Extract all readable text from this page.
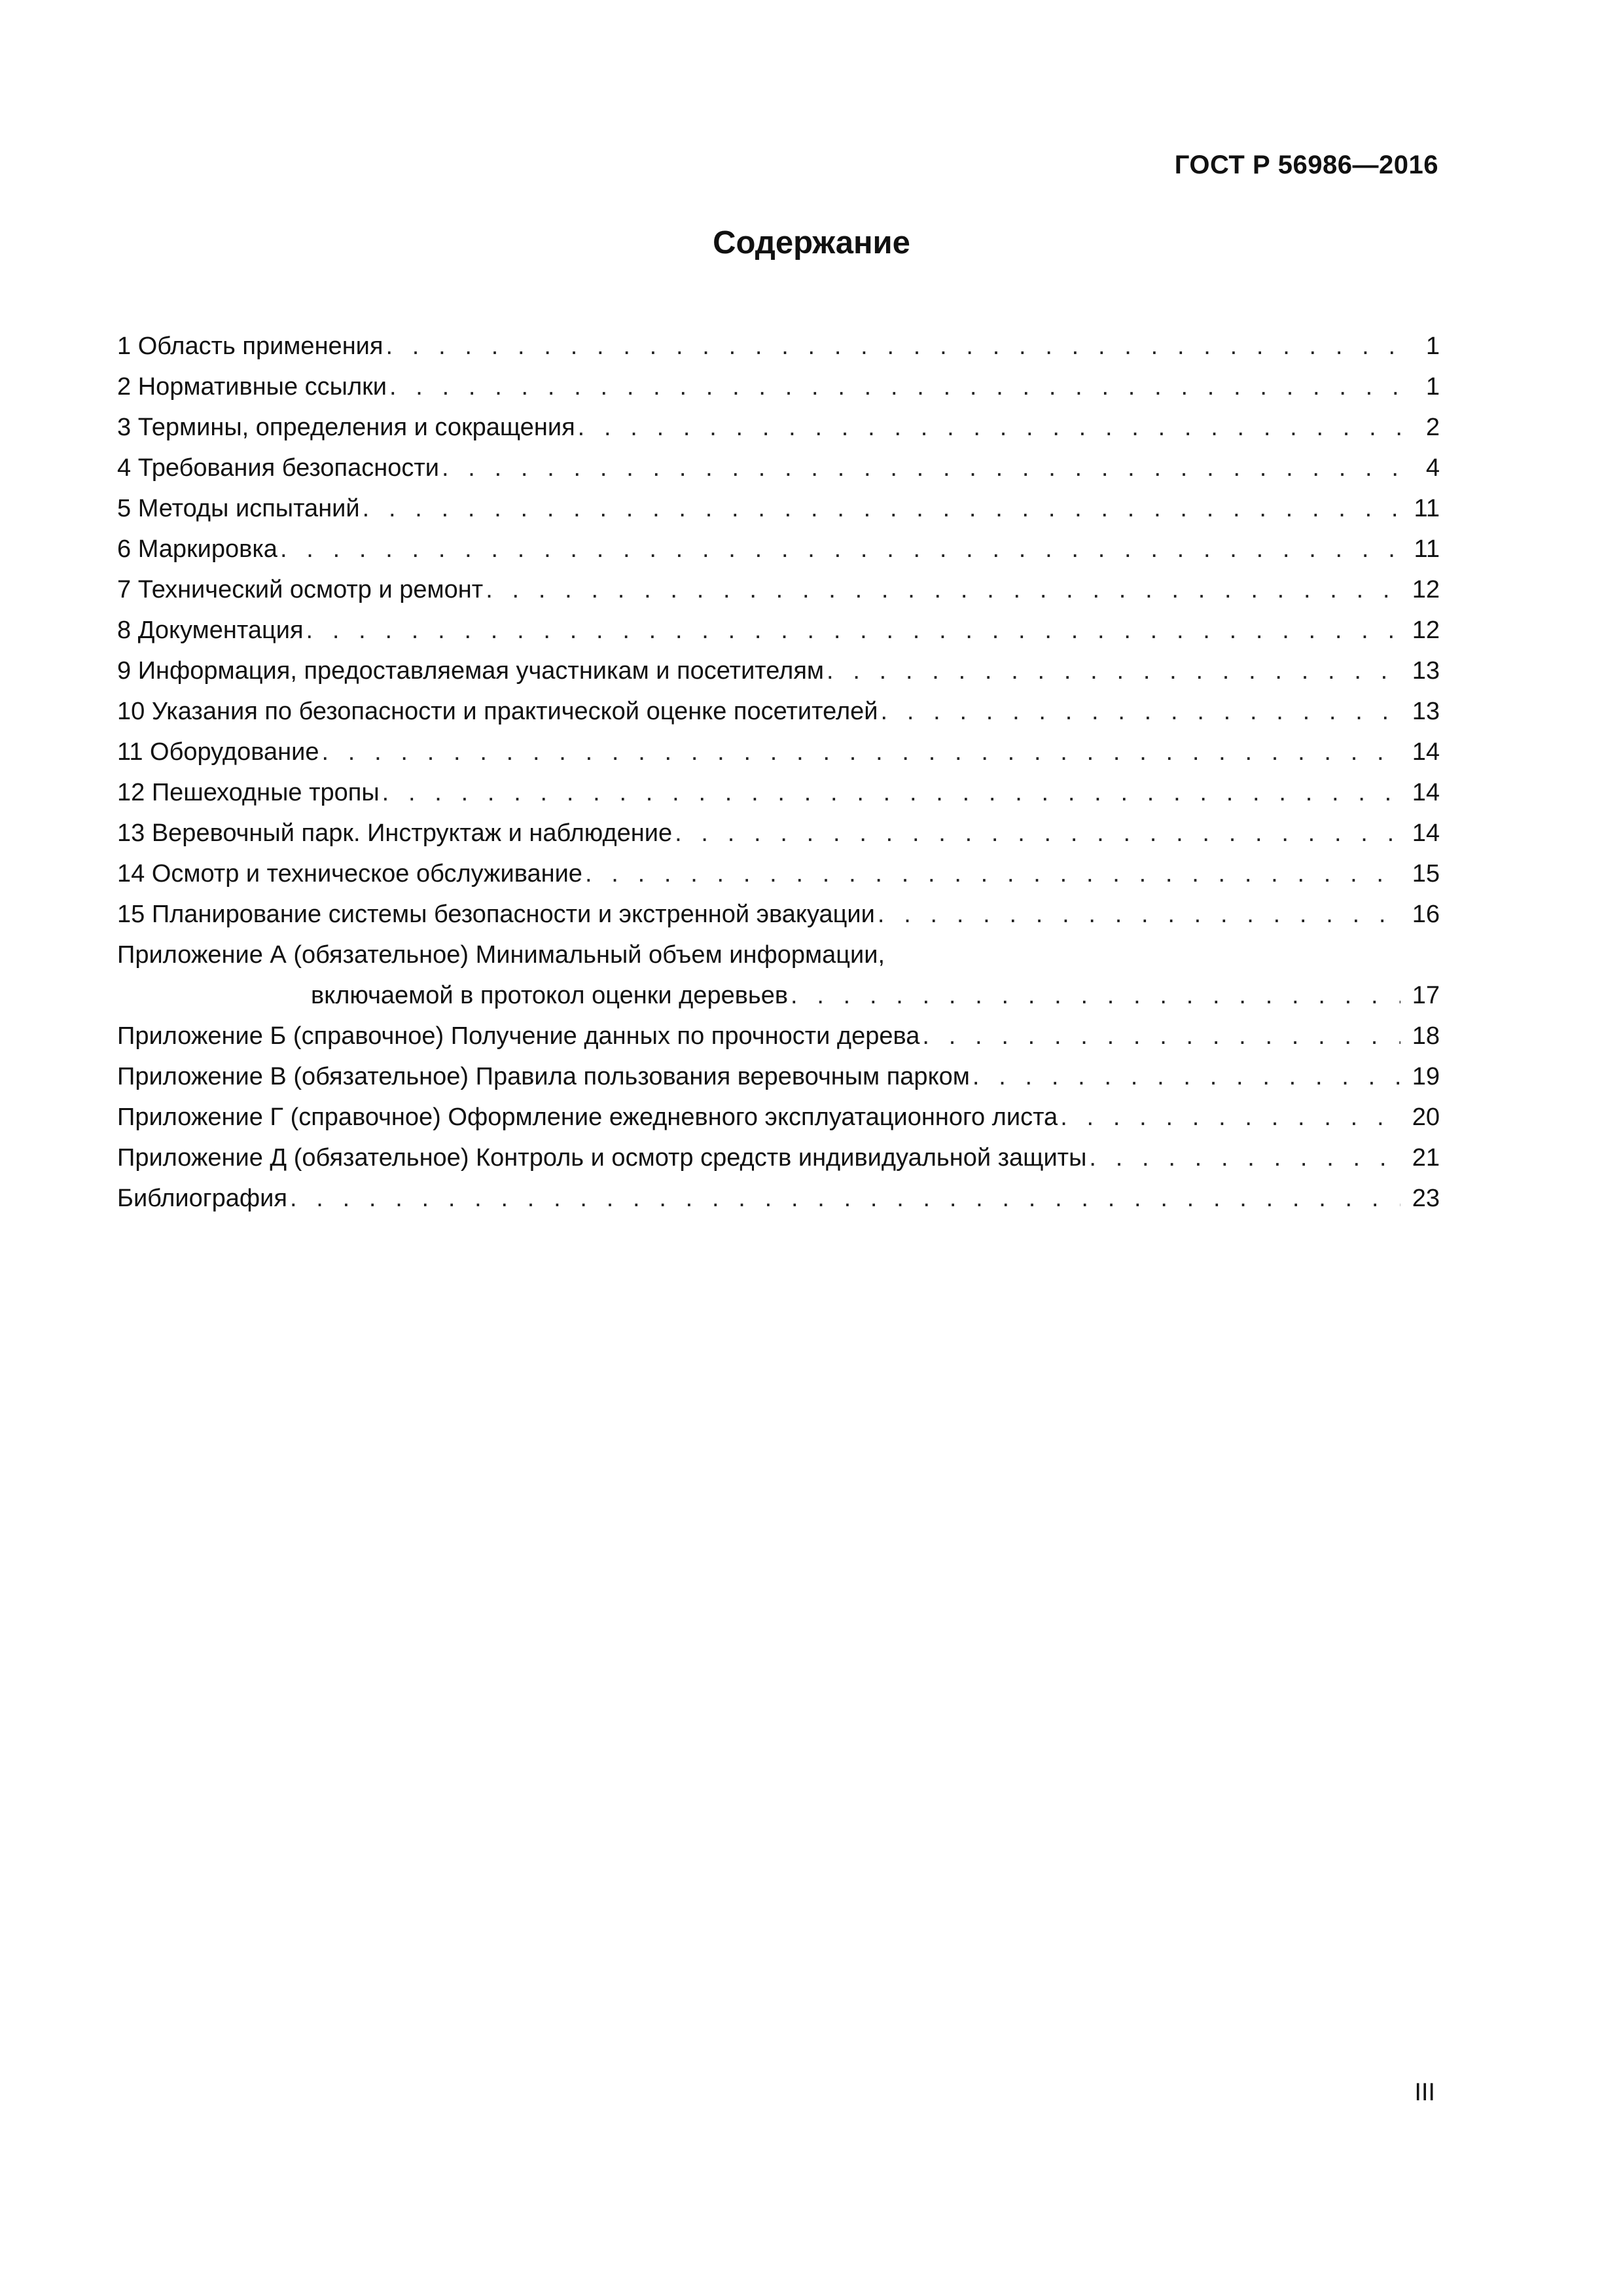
ГОСТ Р 56986—2016
Содержание
1 Область применения . . .	1
2 Нормативные ссылки . . .	1
3 Термины, определения и сокращения . . .	2
4 Требования безопасности . . .	4
5 Методы испытаний . . .	11
6 Маркировка . . .	11
7 Технический осмотр и ремонт . . .	12
8 Документация . . .	12
9 Информация, предоставляемая участникам и посетителям . . .	13
10 Указания по безопасности и практической оценке посетителей . . .	13
11 Оборудование . . .	14
12 Пешеходные тропы . . .	14
13 Веревочный парк. Инструктаж и наблюдение . . .	14
14 Осмотр и техническое обслуживание . . .	15
15 Планирование системы безопасности и экстренной эвакуации . . .	16
Приложение А (обязательное) Минимальный объем информации,
включаемой в протокол оценки деревьев . . .	17
Приложение Б (справочное) Получение данных по прочности дерева . . .	18
Приложение В (обязательное) Правила пользования веревочным парком . . .	19
Приложение Г (справочное) Оформление ежедневного эксплуатационного листа . . .	20
Приложение Д (обязательное) Контроль и осмотр средств индивидуальной защиты . . .	21
Библиография . . .	23
III
